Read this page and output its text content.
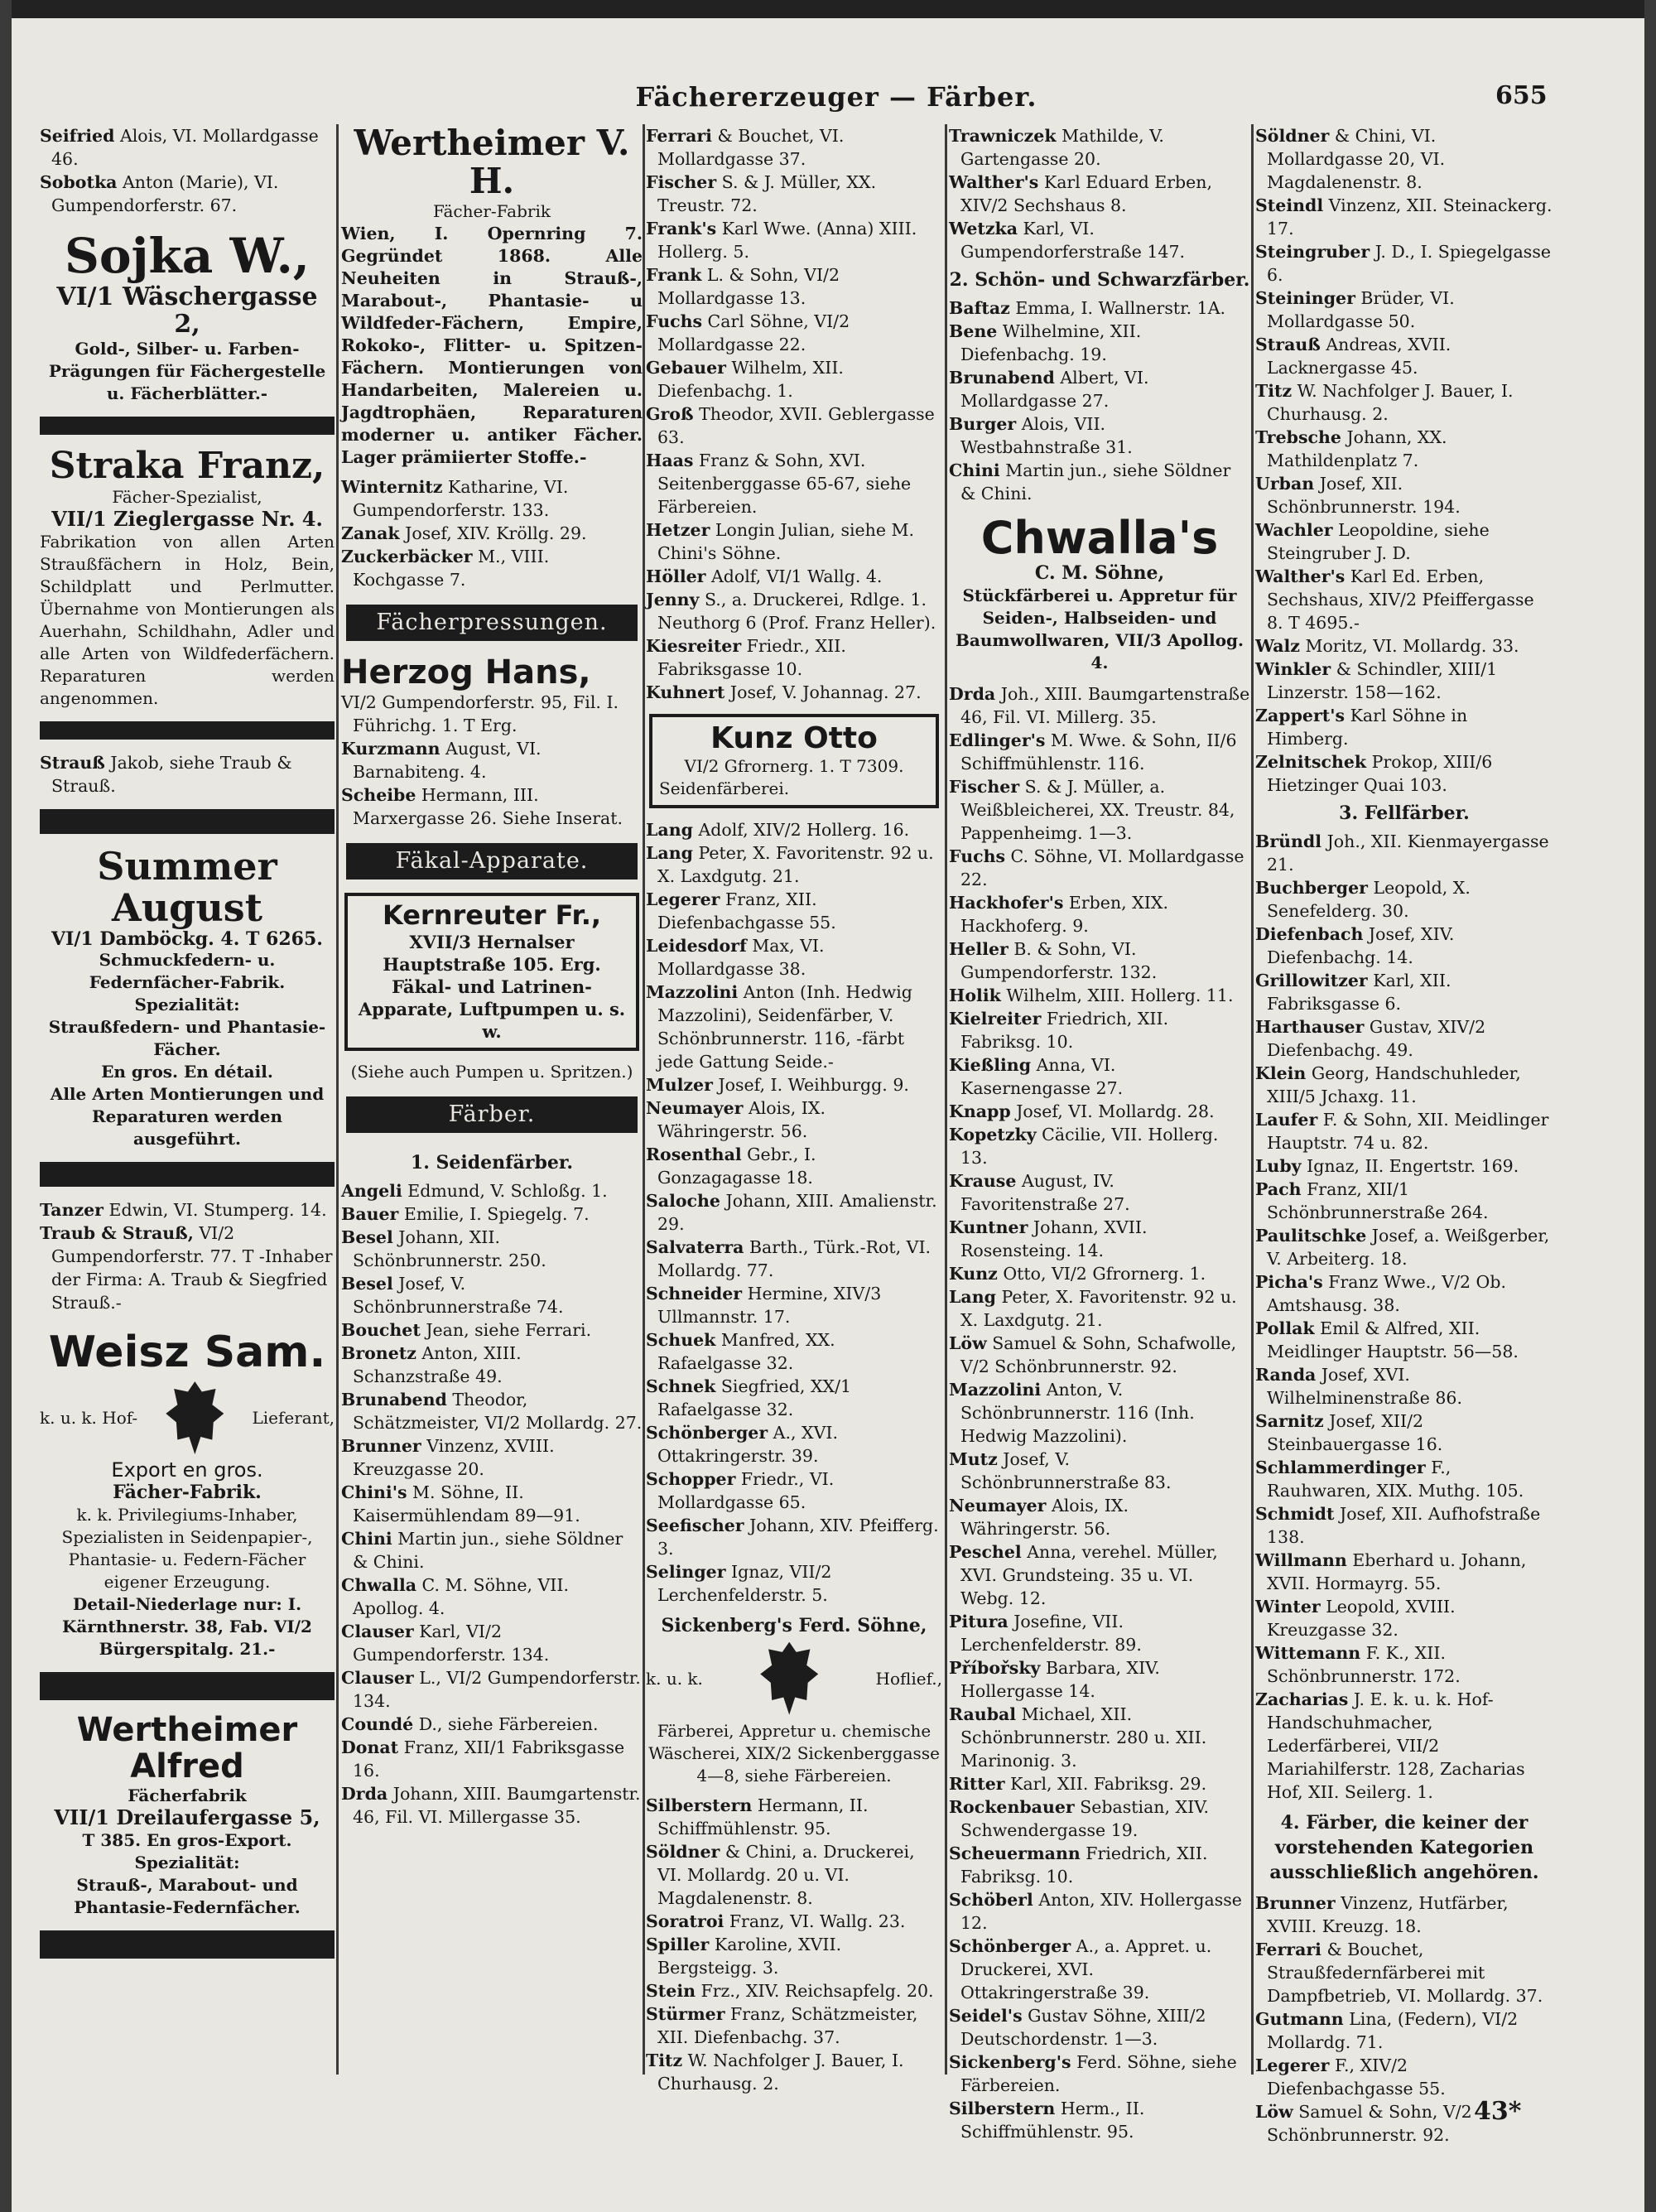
Fächererzeuger — Färber.	655
Seifried Alois, VI. Mollardgasse 46.
Sobotka Anton (Marie), VI. Gumpendorferstr. 67.
Sojka W.,
VI/1 Wäschergasse 2,
Gold-, Silber- u. Farben-Prägungen für Fächergestelle u. Fächerblätter.-
Straka Franz,
Fächer-Spezialist,
VII/1 Zieglergasse Nr. 4.
Fabrikation von allen Arten Straußfächern in Holz, Bein, Schildplatt und Perlmutter. Übernahme von Montierungen als Auerhahn, Schildhahn, Adler und alle Arten von Wildfederfächern. Reparaturen werden angenommen.
Strauß Jakob, siehe Traub & Strauß.
Summer August
VI/1 Damböckg. 4. T 6265.
Schmuckfedern- u. Federnfächer-Fabrik.
Spezialität:
Straußfedern- und Phantasie-Fächer.
En gros. En détail.
Alle Arten Montierungen und Reparaturen werden ausgeführt.
Tanzer Edwin, VI. Stumperg. 14.
Traub & Strauß, VI/2 Gumpendorferstr. 77. T -Inhaber der Firma: A. Traub & Siegfried Strauß.-
Weisz Sam.
k. u. k. Hof-	Lieferant,
Export en gros.
Fächer-Fabrik.
k. k. Privilegiums-Inhaber, Spezialisten in Seidenpapier-, Phantasie- u. Federn-Fächer eigener Erzeugung.
Detail-Niederlage nur: I. Kärnthnerstr. 38, Fab. VI/2 Bürgerspitalg. 21.-
Wertheimer Alfred
Fächerfabrik
VII/1 Dreilaufergasse 5,
T 385. En gros-Export.
Spezialität:
Strauß-, Marabout- und Phantasie-Federnfächer.
Wertheimer V. H.
Fächer-Fabrik
Wien, I. Opernring 7. Gegründet 1868. Alle Neuheiten in Strauß-, Marabout-, Phantasie- u Wildfeder-Fächern, Empire, Rokoko-, Flitter- u. Spitzen-Fächern. Montierungen von Handarbeiten, Malereien u. Jagdtrophäen, Reparaturen moderner u. antiker Fächer. Lager prämiierter Stoffe.-
Winternitz Katharine, VI. Gumpendorferstr. 133.
Zanak Josef, XIV. Kröllg. 29.
Zuckerbäcker M., VIII. Kochgasse 7.
Fächerpressungen.
Herzog Hans,
VI/2 Gumpendorferstr. 95, Fil. I. Führichg. 1. T Erg.
Kurzmann August, VI. Barnabiteng. 4.
Scheibe Hermann, III. Marxergasse 26. Siehe Inserat.
Fäkal-Apparate.
Kernreuter Fr.,
XVII/3 Hernalser Hauptstraße 105. Erg. Fäkal- und Latrinen-Apparate, Luftpumpen u. s. w.
(Siehe auch Pumpen u. Spritzen.)
Färber.
1. Seidenfärber.
Angeli Edmund, V. Schloßg. 1.
Bauer Emilie, I. Spiegelg. 7.
Besel Johann, XII. Schönbrunnerstr. 250.
Besel Josef, V. Schönbrunnerstraße 74.
Bouchet Jean, siehe Ferrari.
Bronetz Anton, XIII. Schanzstraße 49.
Brunabend Theodor, Schätzmeister, VI/2 Mollardg. 27.
Brunner Vinzenz, XVIII. Kreuzgasse 20.
Chini's M. Söhne, II. Kaisermühlendam 89—91.
Chini Martin jun., siehe Söldner & Chini.
Chwalla C. M. Söhne, VII. Apollog. 4.
Clauser Karl, VI/2 Gumpendorferstr. 134.
Clauser L., VI/2 Gumpendorferstr. 134.
Coundé D., siehe Färbereien.
Donat Franz, XII/1 Fabriksgasse 16.
Drda Johann, XIII. Baumgartenstr. 46, Fil. VI. Millergasse 35.
Ferrari & Bouchet, VI. Mollardgasse 37.
Fischer S. & J. Müller, XX. Treustr. 72.
Frank's Karl Wwe. (Anna) XIII. Hollerg. 5.
Frank L. & Sohn, VI/2 Mollardgasse 13.
Fuchs Carl Söhne, VI/2 Mollardgasse 22.
Gebauer Wilhelm, XII. Diefenbachg. 1.
Groß Theodor, XVII. Geblergasse 63.
Haas Franz & Sohn, XVI. Seitenberggasse 65-67, siehe Färbereien.
Hetzer Longin Julian, siehe M. Chini's Söhne.
Höller Adolf, VI/1 Wallg. 4.
Jenny S., a. Druckerei, Rdlge. 1. Neuthorg 6 (Prof. Franz Heller).
Kiesreiter Friedr., XII. Fabriksgasse 10.
Kuhnert Josef, V. Johannag. 27.
Kunz Otto
VI/2 Gfrornerg. 1. T 7309.
Seidenfärberei.
Lang Adolf, XIV/2 Hollerg. 16.
Lang Peter, X. Favoritenstr. 92 u. X. Laxdgutg. 21.
Legerer Franz, XII. Diefenbachgasse 55.
Leidesdorf Max, VI. Mollardgasse 38.
Mazzolini Anton (Inh. Hedwig Mazzolini), Seidenfärber, V. Schönbrunnerstr. 116, -färbt jede Gattung Seide.-
Mulzer Josef, I. Weihburgg. 9.
Neumayer Alois, IX. Währingerstr. 56.
Rosenthal Gebr., I. Gonzagagasse 18.
Saloche Johann, XIII. Amalienstr. 29.
Salvaterra Barth., Türk.-Rot, VI. Mollardg. 77.
Schneider Hermine, XIV/3 Ullmannstr. 17.
Schuek Manfred, XX. Rafaelgasse 32.
Schnek Siegfried, XX/1 Rafaelgasse 32.
Schönberger A., XVI. Ottakringerstr. 39.
Schopper Friedr., VI. Mollardgasse 65.
Seefischer Johann, XIV. Pfeifferg. 3.
Selinger Ignaz, VII/2 Lerchenfelderstr. 5.
Sickenberg's Ferd. Söhne,
k. u. k.	Hoflief.,
Färberei, Appretur u. chemische Wäscherei, XIX/2 Sickenberggasse 4—8, siehe Färbereien.
Silberstern Hermann, II. Schiffmühlenstr. 95.
Söldner & Chini, a. Druckerei, VI. Mollardg. 20 u. VI. Magdalenenstr. 8.
Soratroi Franz, VI. Wallg. 23.
Spiller Karoline, XVII. Bergsteigg. 3.
Stein Frz., XIV. Reichsapfelg. 20.
Stürmer Franz, Schätzmeister, XII. Diefenbachg. 37.
Titz W. Nachfolger J. Bauer, I. Churhausg. 2.
Trawniczek Mathilde, V. Gartengasse 20.
Walther's Karl Eduard Erben, XIV/2 Sechshaus 8.
Wetzka Karl, VI. Gumpendorferstraße 147.
2. Schön- und Schwarzfärber.
Baftaz Emma, I. Wallnerstr. 1A.
Bene Wilhelmine, XII. Diefenbachg. 19.
Brunabend Albert, VI. Mollardgasse 27.
Burger Alois, VII. Westbahnstraße 31.
Chini Martin jun., siehe Söldner & Chini.
Chwalla's
C. M. Söhne,
Stückfärberei u. Appretur für Seiden-, Halbseiden- und Baumwollwaren, VII/3 Apollog. 4.
Drda Joh., XIII. Baumgartenstraße 46, Fil. VI. Millerg. 35.
Edlinger's M. Wwe. & Sohn, II/6 Schiffmühlenstr. 116.
Fischer S. & J. Müller, a. Weißbleicherei, XX. Treustr. 84, Pappenheimg. 1—3.
Fuchs C. Söhne, VI. Mollardgasse 22.
Hackhofer's Erben, XIX. Hackhoferg. 9.
Heller B. & Sohn, VI. Gumpendorferstr. 132.
Holik Wilhelm, XIII. Hollerg. 11.
Kielreiter Friedrich, XII. Fabriksg. 10.
Kießling Anna, VI. Kasernengasse 27.
Knapp Josef, VI. Mollardg. 28.
Kopetzky Cäcilie, VII. Hollerg. 13.
Krause August, IV. Favoritenstraße 27.
Kuntner Johann, XVII. Rosensteing. 14.
Kunz Otto, VI/2 Gfrornerg. 1.
Lang Peter, X. Favoritenstr. 92 u. X. Laxdgutg. 21.
Löw Samuel & Sohn, Schafwolle, V/2 Schönbrunnerstr. 92.
Mazzolini Anton, V. Schönbrunnerstr. 116 (Inh. Hedwig Mazzolini).
Mutz Josef, V. Schönbrunnerstraße 83.
Neumayer Alois, IX. Währingerstr. 56.
Peschel Anna, verehel. Müller, XVI. Grundsteing. 35 u. VI. Webg. 12.
Pitura Josefine, VII. Lerchenfelderstr. 89.
Příbořsky Barbara, XIV. Hollergasse 14.
Raubal Michael, XII. Schönbrunnerstr. 280 u. XII. Marinonig. 3.
Ritter Karl, XII. Fabriksg. 29.
Rockenbauer Sebastian, XIV. Schwendergasse 19.
Scheuermann Friedrich, XII. Fabriksg. 10.
Schöberl Anton, XIV. Hollergasse 12.
Schönberger A., a. Appret. u. Druckerei, XVI. Ottakringerstraße 39.
Seidel's Gustav Söhne, XIII/2 Deutschordenstr. 1—3.
Sickenberg's Ferd. Söhne, siehe Färbereien.
Silberstern Herm., II. Schiffmühlenstr. 95.
Söldner & Chini, VI. Mollardgasse 20, VI. Magdalenenstr. 8.
Steindl Vinzenz, XII. Steinackerg. 17.
Steingruber J. D., I. Spiegelgasse 6.
Steininger Brüder, VI. Mollardgasse 50.
Strauß Andreas, XVII. Lacknergasse 45.
Titz W. Nachfolger J. Bauer, I. Churhausg. 2.
Trebsche Johann, XX. Mathildenplatz 7.
Urban Josef, XII. Schönbrunnerstr. 194.
Wachler Leopoldine, siehe Steingruber J. D.
Walther's Karl Ed. Erben, Sechshaus, XIV/2 Pfeiffergasse 8. T 4695.-
Walz Moritz, VI. Mollardg. 33.
Winkler & Schindler, XIII/1 Linzerstr. 158—162.
Zappert's Karl Söhne in Himberg.
Zelnitschek Prokop, XIII/6 Hietzinger Quai 103.
3. Fellfärber.
Bründl Joh., XII. Kienmayergasse 21.
Buchberger Leopold, X. Senefelderg. 30.
Diefenbach Josef, XIV. Diefenbachg. 14.
Grillowitzer Karl, XII. Fabriksgasse 6.
Harthauser Gustav, XIV/2 Diefenbachg. 49.
Klein Georg, Handschuhleder, XIII/5 Jchaxg. 11.
Laufer F. & Sohn, XII. Meidlinger Hauptstr. 74 u. 82.
Luby Ignaz, II. Engertstr. 169.
Pach Franz, XII/1 Schönbrunnerstraße 264.
Paulitschke Josef, a. Weißgerber, V. Arbeiterg. 18.
Picha's Franz Wwe., V/2 Ob. Amtshausg. 38.
Pollak Emil & Alfred, XII. Meidlinger Hauptstr. 56—58.
Randa Josef, XVI. Wilhelminenstraße 86.
Sarnitz Josef, XII/2 Steinbauergasse 16.
Schlammerdinger F., Rauhwaren, XIX. Muthg. 105.
Schmidt Josef, XII. Aufhofstraße 138.
Willmann Eberhard u. Johann, XVII. Hormayrg. 55.
Winter Leopold, XVIII. Kreuzgasse 32.
Wittemann F. K., XII. Schönbrunnerstr. 172.
Zacharias J. E. k. u. k. Hof-Handschuhmacher, Lederfärberei, VII/2 Mariahilferstr. 128, Zacharias Hof, XII. Seilerg. 1.
4. Färber, die keiner der vorstehenden Kategorien ausschließlich angehören.
Brunner Vinzenz, Hutfärber, XVIII. Kreuzg. 18.
Ferrari & Bouchet, Straußfedernfärberei mit Dampfbetrieb, VI. Mollardg. 37.
Gutmann Lina, (Federn), VI/2 Mollardg. 71.
Legerer F., XIV/2 Diefenbachgasse 55.
Löw Samuel & Sohn, V/2 Schönbrunnerstr. 92.
43*
